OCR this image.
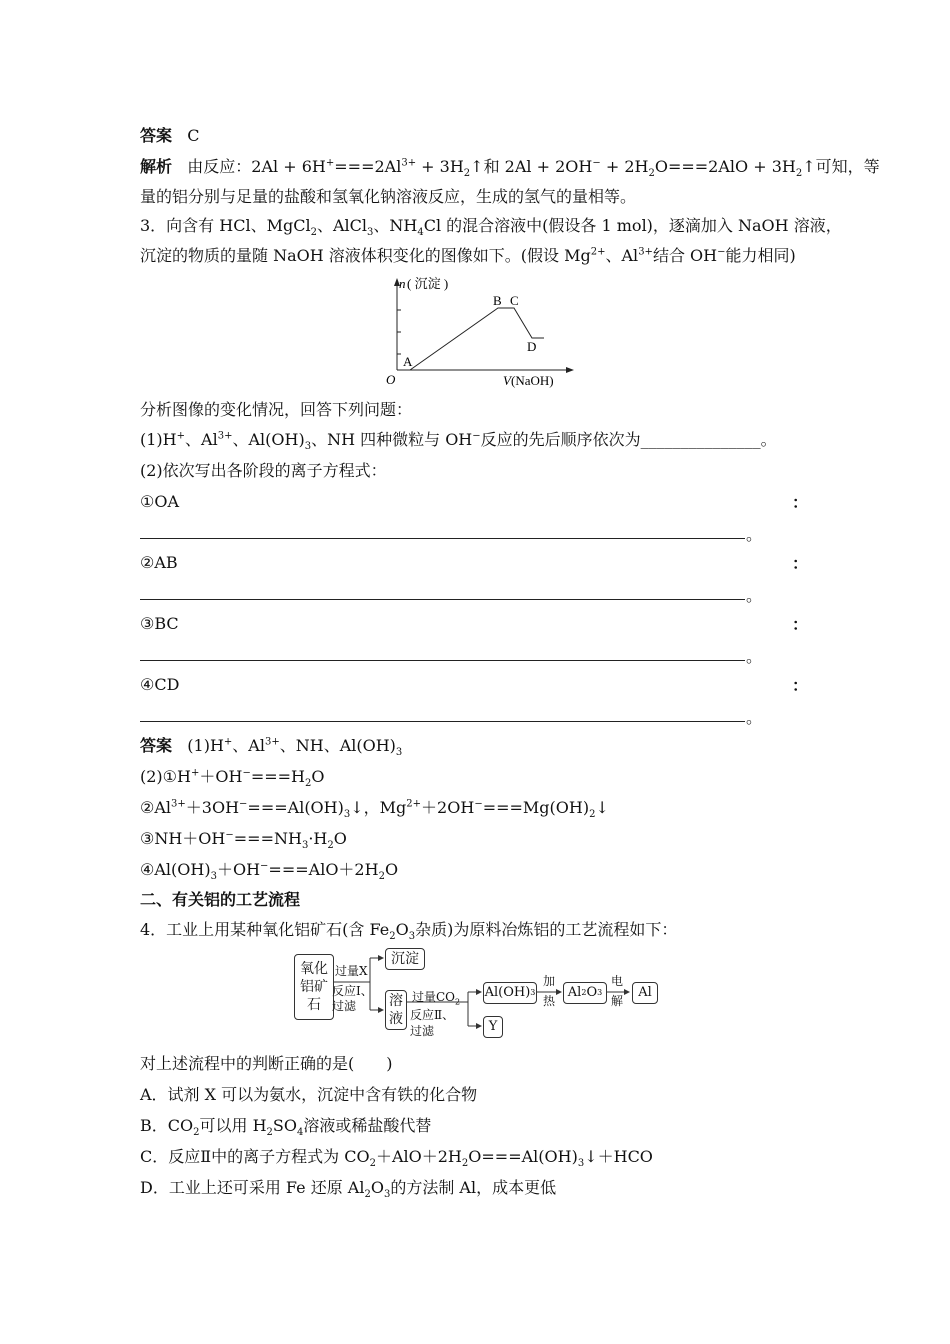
答案 C
解析 由反应：$2Al + 6H^+===2Al^{3+}$ + $3H_2↑$和 $2Al + 2OH^- + 2H_2O===2AlO$ + $3H_2↑$可知，等
量的铝分别与足量的盐酸和氢氧化钠溶液反应，生成的氢气的量相等。
3．向含有 HCl、MgCl$_2$、AlCl$_3$、$NH_4Cl$ 的混合溶液中(假设各 1 mol)，逐滴加入 NaOH 溶液，
沉淀的物质的量随 NaOH 溶液体积变化的图像如下。(假设 $Mg^{2+}$、$Al^{3+}$结合 OH−能力相同)
n ( 沉淀 )
O	V (NaOH)
A
B C
D
分析图像的变化情况，回答下列问题：
(1)H+、$Al^{3+}$、$Al(OH)_3$、NH 四种微粒与 OH−反应的先后顺序依次为_______________。
(2)依次写出各阶段的离子方程式：
①OA	：
。
②AB	：
。
③BC	：
。
④CD	：
。
答案 (1)H+、$Al^{3+}$、NH、$Al(OH)_3$
$(2)①H^++OH^-===H_2O$
$②Al^{3+}+3OH^-===Al(OH)_3↓$，$Mg^{2+}+2OH^-===Mg(OH)_2↓$
$③NH+OH^-===NH_3\cdot H_2O$
$④Al(OH)_3+OH^-===AlO+2H_2O$
二、有关铝的工艺流程
4．工业上用某种氧化铝矿石(含 $Fe_2O_3$杂质)为原料冶炼铝的工艺流程如下：
氧化铝矿石
过量X
反应Ⅰ、
过滤
沉淀
溶液
过量$CO_2$
反应Ⅱ、
过滤
Al(OH) 3
Y
加
热
Al 2 O 3
电
解
Al
对上述流程中的判断正确的是(　　)
A．试剂 X 可以为氨水，沉淀中含有铁的化合物
B．$CO_2$可以用 $H_2SO_4$溶液或稀盐酸代替
C．反应Ⅱ中的离子方程式为 $CO_2+AlO+2H_2O===Al(OH)_3↓+HCO$
D．工业上还可采用 Fe 还原 $Al_2O_3$的方法制 Al，成本更低
